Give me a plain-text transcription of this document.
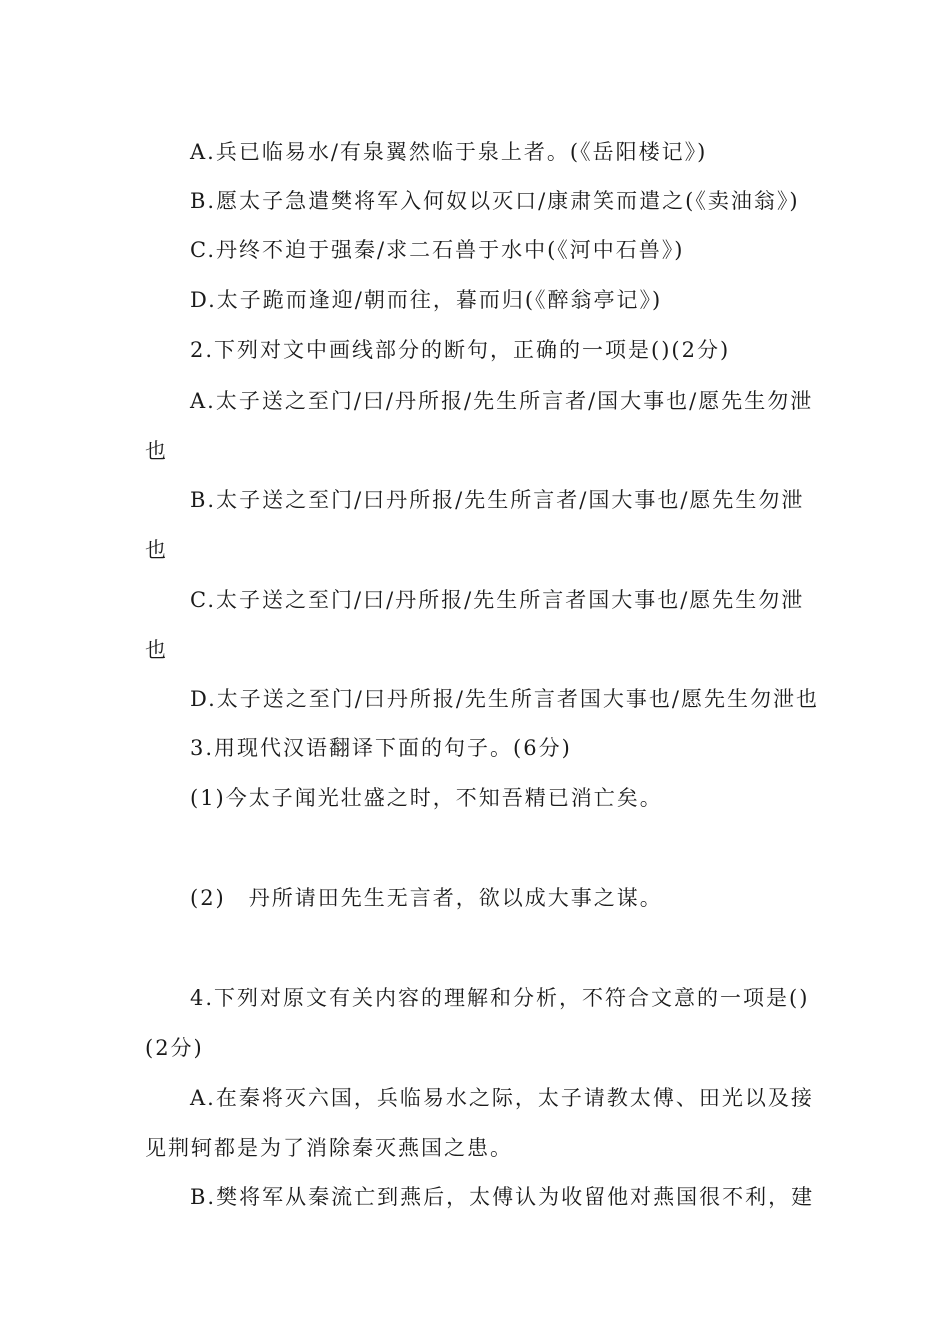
A.兵已临易水/有泉翼然临于泉上者。(《岳阳楼记》)
B.愿太子急遣樊将军入何奴以灭口/康肃笑而遣之(《卖油翁》)
C.丹终不迫于强秦/求二石兽于水中(《河中石兽》)
D.太子跪而逢迎/朝而往，暮而归(《醉翁亭记》)
2.下列对文中画线部分的断句，正确的一项是()(2分)
A.太子送之至门/曰/丹所报/先生所言者/国大事也/愿先生勿泄
也
B.太子送之至门/曰丹所报/先生所言者/国大事也/愿先生勿泄
也
C.太子送之至门/曰/丹所报/先生所言者国大事也/愿先生勿泄
也
D.太子送之至门/曰丹所报/先生所言者国大事也/愿先生勿泄也
3.用现代汉语翻译下面的句子。(6分)
(1)今太子闻光壮盛之时，不知吾精已消亡矣。
(2)　丹所请田先生无言者，欲以成大事之谋。
4.下列对原文有关内容的理解和分析，不符合文意的一项是()
(2分)
A.在秦将灭六国，兵临易水之际，太子请教太傅、田光以及接
见荆轲都是为了消除秦灭燕国之患。
B.樊将军从秦流亡到燕后，太傅认为收留他对燕国很不利，建
